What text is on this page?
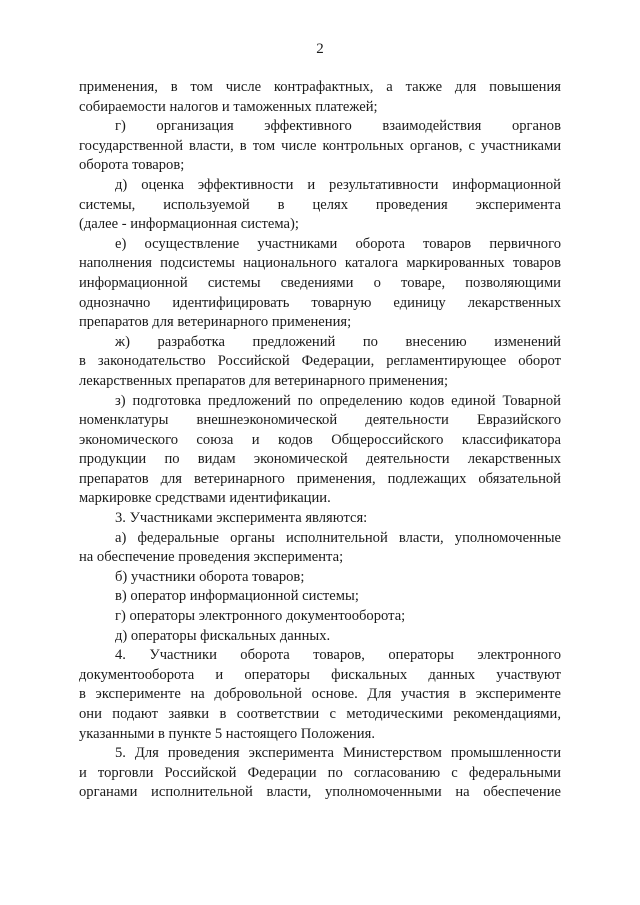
2
применения, в том числе контрафактных, а также для повышения
собираемости налогов и таможенных платежей;
г) организация эффективного взаимодействия органов
государственной власти, в том числе контрольных органов, с участниками
оборота товаров;
д) оценка эффективности и результативности информационной
системы, используемой в целях проведения эксперимента
(далее - информационная система);
е) осуществление участниками оборота товаров первичного
наполнения подсистемы национального каталога маркированных товаров
информационной системы сведениями о товаре, позволяющими
однозначно идентифицировать товарную единицу лекарственных
препаратов для ветеринарного применения;
ж) разработка предложений по внесению изменений
в законодательство Российской Федерации, регламентирующее оборот
лекарственных препаратов для ветеринарного применения;
з) подготовка предложений по определению кодов единой Товарной
номенклатуры внешнеэкономической деятельности Евразийского
экономического союза и кодов Общероссийского классификатора
продукции по видам экономической деятельности лекарственных
препаратов для ветеринарного применения, подлежащих обязательной
маркировке средствами идентификации.
3. Участниками эксперимента являются:
а) федеральные органы исполнительной власти, уполномоченные
на обеспечение проведения эксперимента;
б) участники оборота товаров;
в) оператор информационной системы;
г) операторы электронного документооборота;
д) операторы фискальных данных.
4. Участники оборота товаров, операторы электронного
документооборота и операторы фискальных данных участвуют
в эксперименте на добровольной основе. Для участия в эксперименте
они подают заявки в соответствии с методическими рекомендациями,
указанными в пункте 5 настоящего Положения.
5. Для проведения эксперимента Министерством промышленности
и торговли Российской Федерации по согласованию с федеральными
органами исполнительной власти, уполномоченными на обеспечение
